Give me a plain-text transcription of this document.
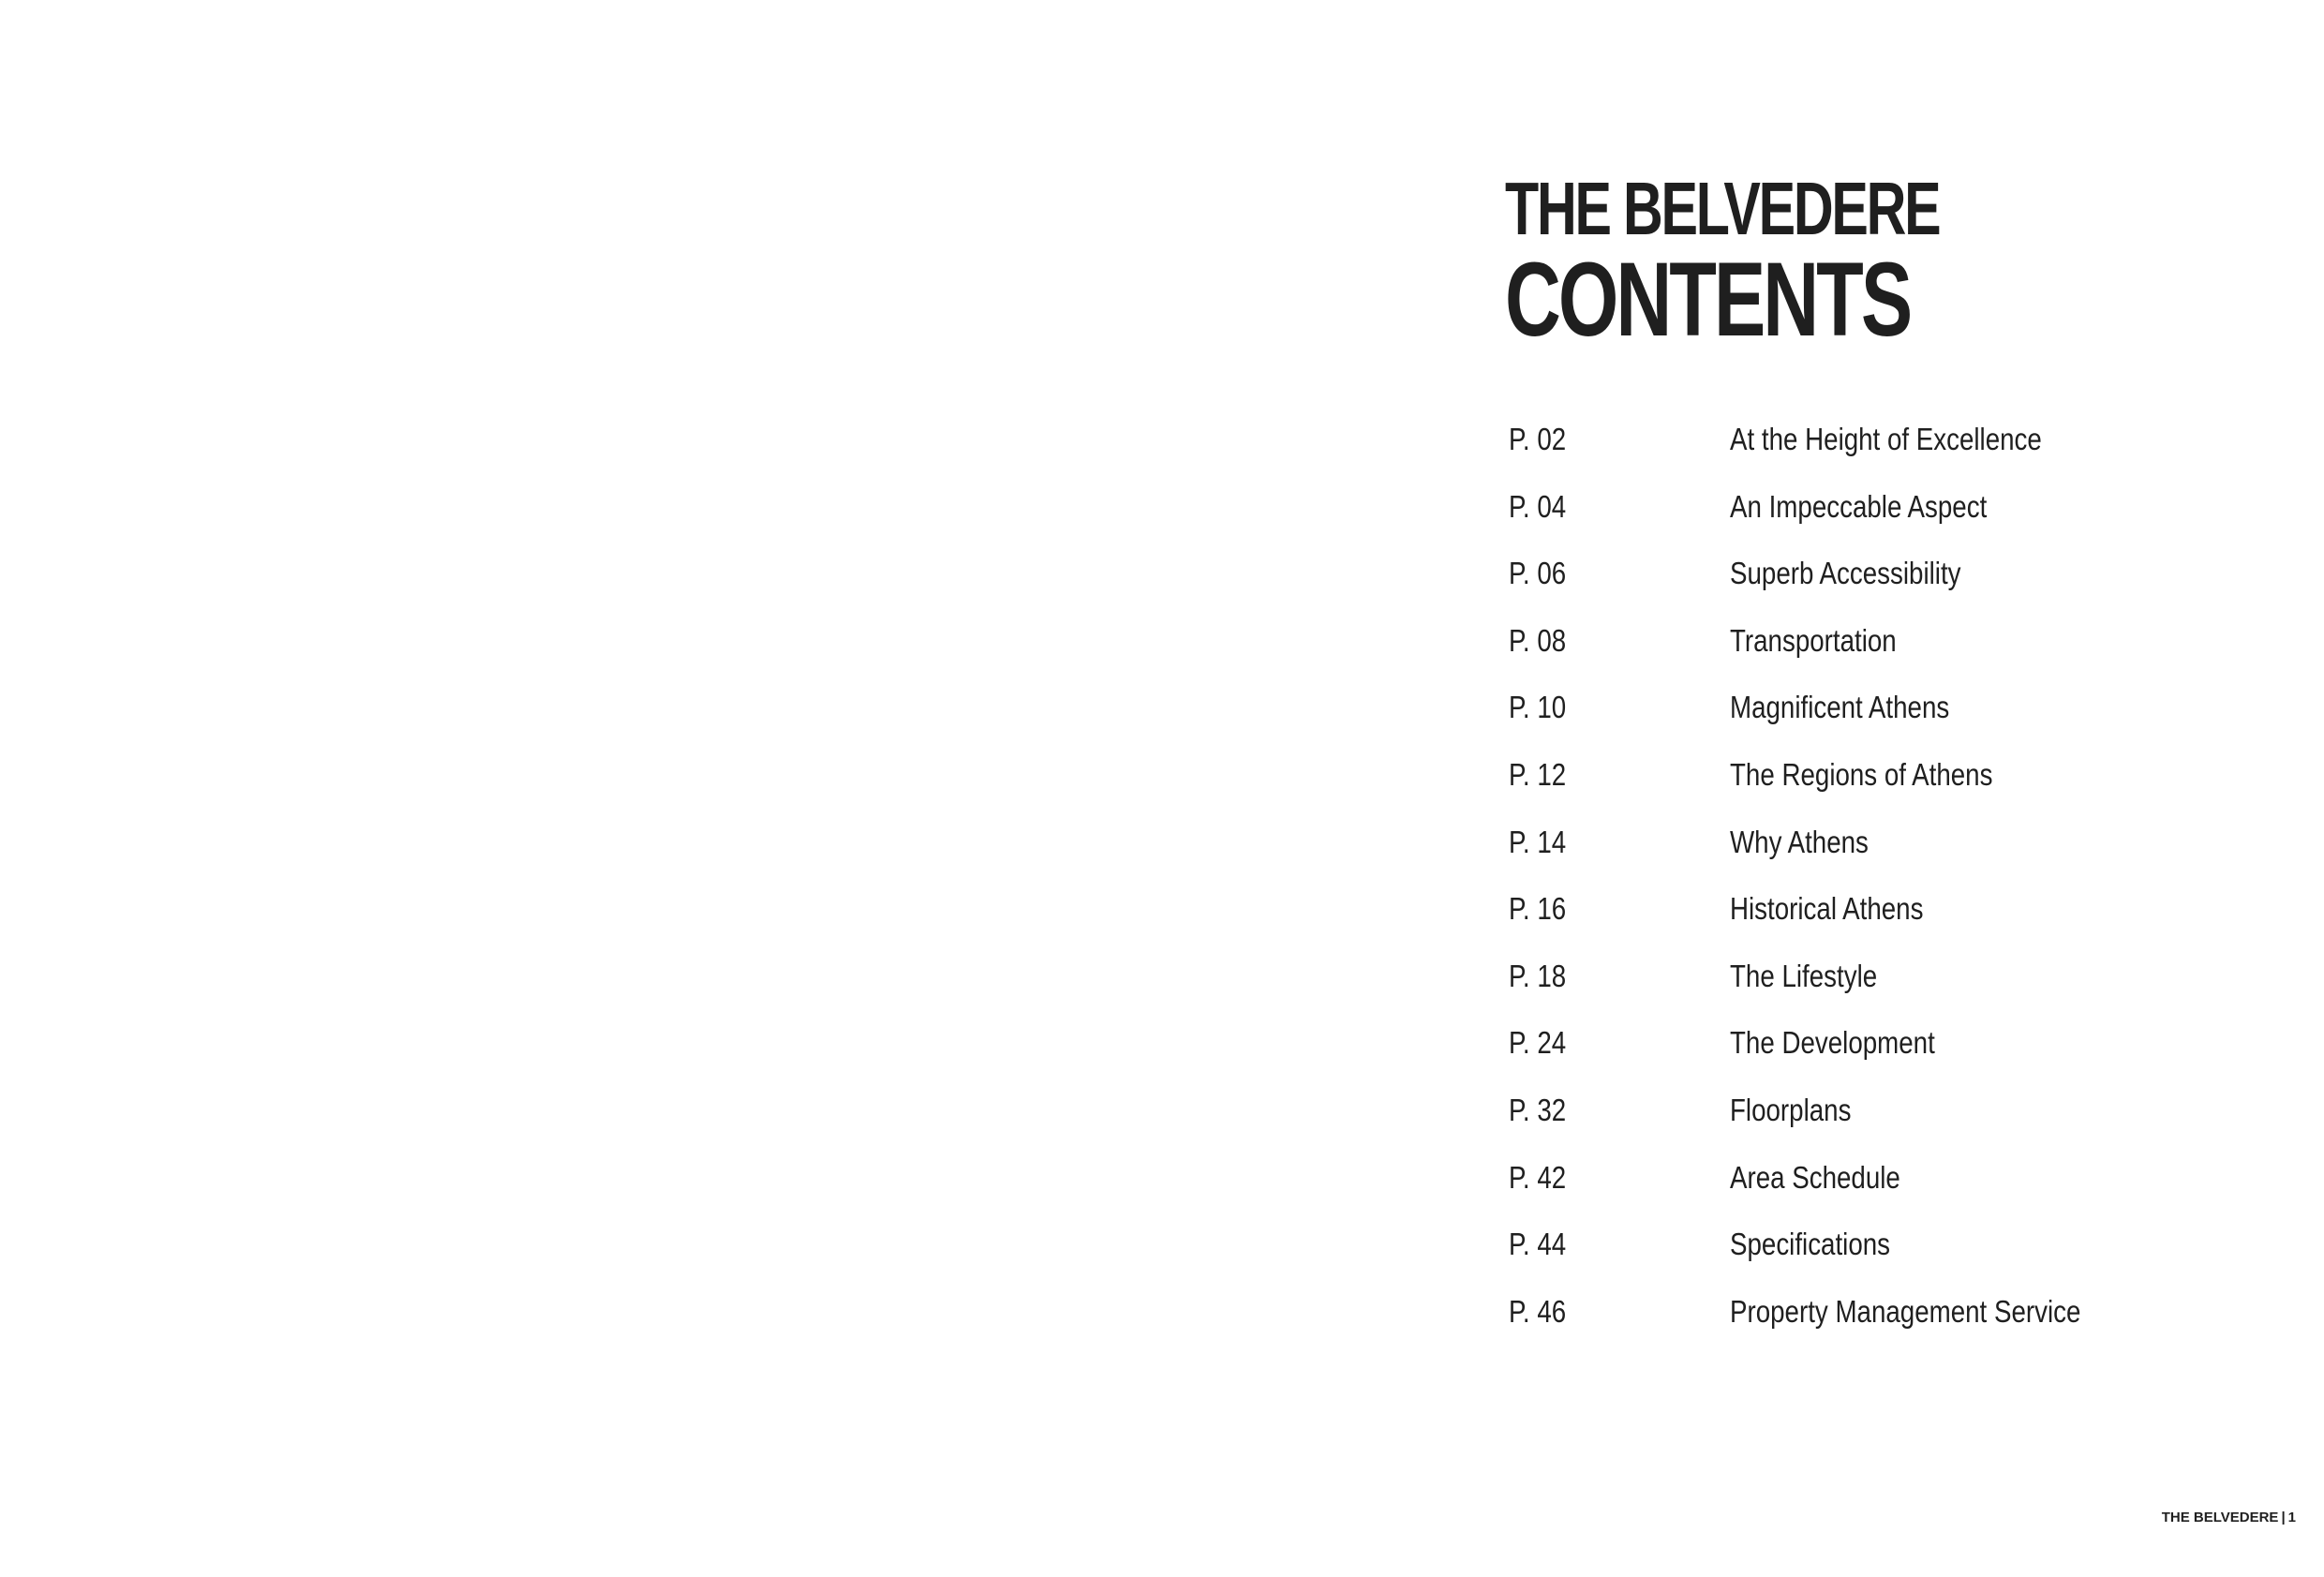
THE BELVEDERE
CONTENTS
P. 02	At the Height of Excellence
P. 04	An Impeccable Aspect
P. 06	Superb Accessibility
P. 08	Transportation
P. 10	Magnificent Athens
P. 12	The Regions of Athens
P. 14	Why Athens
P. 16	Historical Athens
P. 18	The Lifestyle
P. 24	The Development
P. 32	Floorplans
P. 42	Area Schedule
P. 44	Specifications
P. 46	Property Management Service
THE BELVEDERE | 1
